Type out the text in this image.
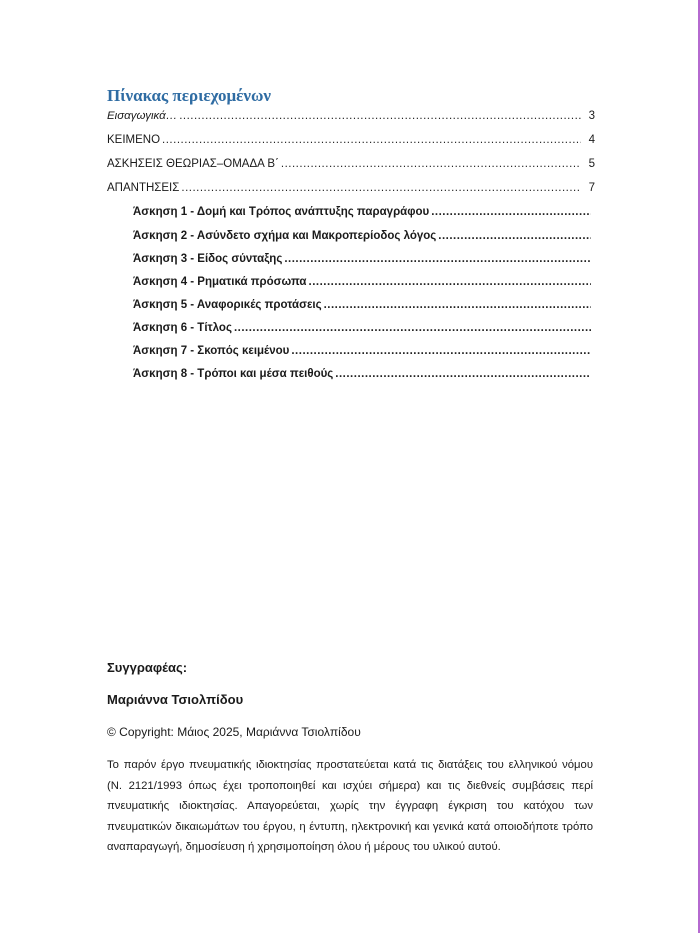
Πίνακας περιεχομένων
Εισαγωγικά… .....	3
ΚΕΙΜΕΝΟ .....	4
ΑΣΚΗΣΕΙΣ ΘΕΩΡΙΑΣ–ΟΜΑΔΑ Β΄ .....	5
ΑΠΑΝΤΗΣΕΙΣ .....	7
Άσκηση 1 - Δομή και Τρόπος ανάπτυξης παραγράφου
.....
Άσκηση 2 - Ασύνδετο σχήμα και Μακροπερίοδος λόγος
.....
Άσκηση 3 - Είδος σύνταξης
.....
Άσκηση 4 - Ρηματικά πρόσωπα
.....
Άσκηση 5 - Αναφορικές προτάσεις
.....
Άσκηση 6 - Τίτλος
.....
Άσκηση 7 - Σκοπός κειμένου
.....
Άσκηση 8 - Τρόποι και μέσα πειθούς
.....

Συγγραφέας:

Μαριάννα Τσιολπίδου

© Copyright: Μάιος 2025, Μαριάννα Τσιολπίδου

Το παρόν έργο πνευματικής ιδιοκτησίας προστατεύεται κατά τις διατάξεις του ελληνικού νόμου (Ν. 2121/1993 όπως έχει τροποποιηθεί και ισχύει σήμερα) και τις διεθνείς συμβάσεις περί πνευματικής ιδιοκτησίας. Απαγορεύεται, χωρίς την έγγραφη έγκριση του κατόχου των πνευματικών δικαιωμάτων του έργου, η έντυπη, ηλεκτρονική και γενικά κατά οποιοδήποτε τρόπο αναπαραγωγή, δημοσίευση ή χρησιμοποίηση όλου ή μέρους του υλικού αυτού.
